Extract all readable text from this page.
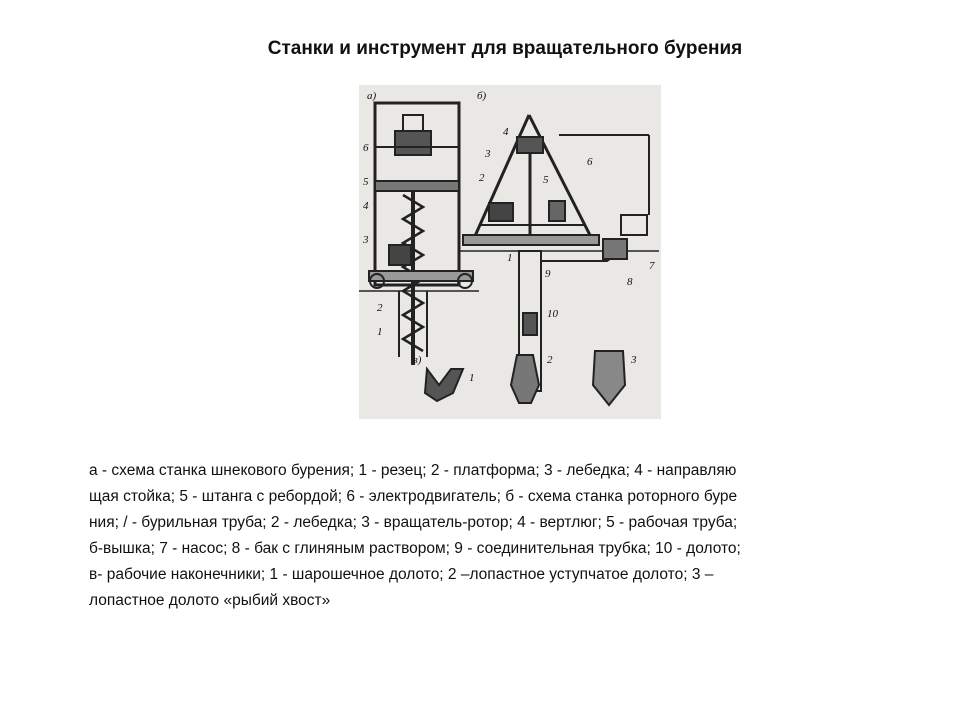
Станки и инструмент для вращательного бурения
а)	б)
в)
6
5
4
3
2
1
4
3
2	5
6
1
9
10
7
8
1
2	3
а - схема станка шнекового бурения; 1 - резец; 2 - платформа; 3 - лебедка; 4 - направляю
щая стойка; 5 - штанга с ребордой; 6 - электродвигатель; б - схема станка роторного буре
ния; / - бурильная труба; 2 - лебедка; 3 - вращатель-ротор; 4 - вертлюг; 5 - рабочая труба;
б-вышка; 7 - насос; 8 - бак с глиняным раствором; 9 - соединительная трубка; 10 - долото;
в- рабочие наконечники; 1 - шарошечное долото; 2 –лопастное уступчатое долото; 3 –
лопастное долото «рыбий хвост»
